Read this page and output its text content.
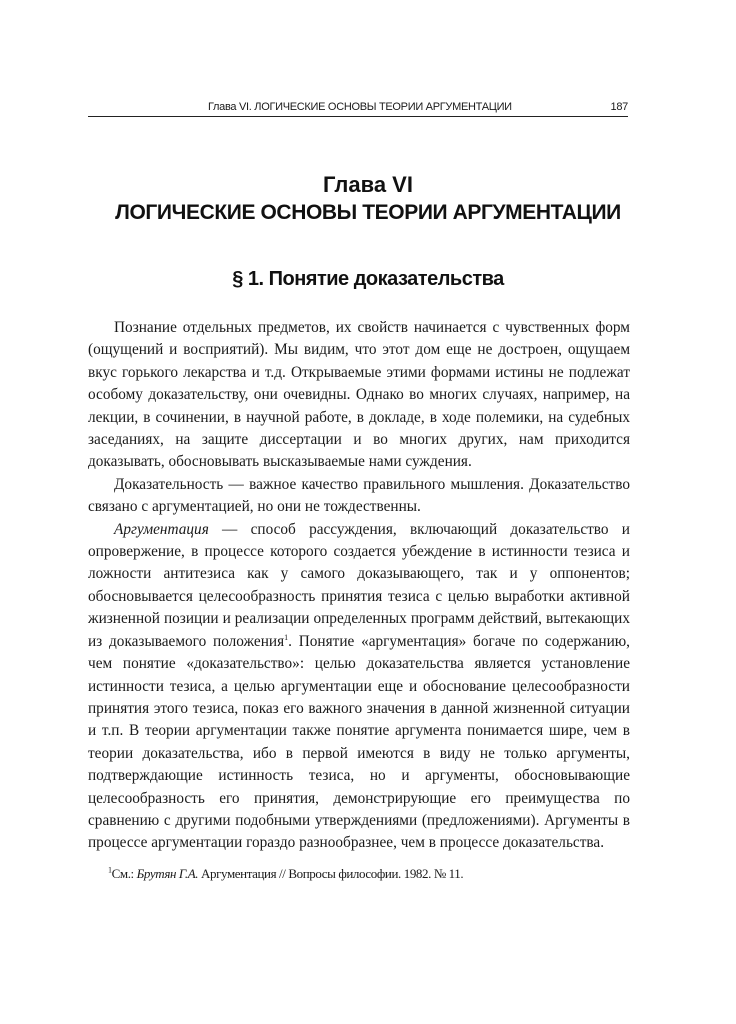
Глава VI. ЛОГИЧЕСКИЕ ОСНОВЫ ТЕОРИИ АРГУМЕНТАЦИИ	187
Глава VI
ЛОГИЧЕСКИЕ ОСНОВЫ ТЕОРИИ АРГУМЕНТАЦИИ
§ 1. Понятие доказательства

Познание отдельных предметов, их свойств начинается с чувственных форм (ощущений и восприятий). Мы видим, что этот дом еще не достроен, ощущаем вкус горького лекарства и т.д. Открываемые этими формами истины не подлежат особому доказательству, они очевидны. Однако во многих случаях, например, на лекции, в сочинении, в научной работе, в докладе, в ходе полемики, на судебных заседаниях, на защите диссертации и во многих других, нам приходится доказывать, обосновывать высказываемые нами суждения.

Доказательность — важное качество правильного мышления. Доказательство связано с аргументацией, но они не тождественны.

Аргументация — способ рассуждения, включающий доказательство и опровержение, в процессе которого создается убеждение в истинности тезиса и ложности антитезиса как у самого доказывающего, так и у оппонентов; обосновывается целесообразность принятия тезиса с целью выработки активной жизненной позиции и реализации определенных программ действий, вытекающих из доказываемого положения$^1$. Понятие «аргументация» богаче по содержанию, чем понятие «доказательство»: целью доказательства является установление истинности тезиса, а целью аргументации еще и обоснование целесообразности принятия этого тезиса, показ его важного значения в данной жизненной ситуации и т.п. В теории аргументации также понятие аргумента понимается шире, чем в теории доказательства, ибо в первой имеются в виду не только аргументы, подтверждающие истинность тезиса, но и аргументы, обосновывающие целесообразность его принятия, демонстрирующие его преимущества по сравнению с другими подобными утверждениями (предложениями). Аргументы в процессе аргументации гораздо разнообразнее, чем в процессе доказательства.

$^1$См.: Брутян Г.А. Аргументация // Вопросы философии. 1982. № 11.
